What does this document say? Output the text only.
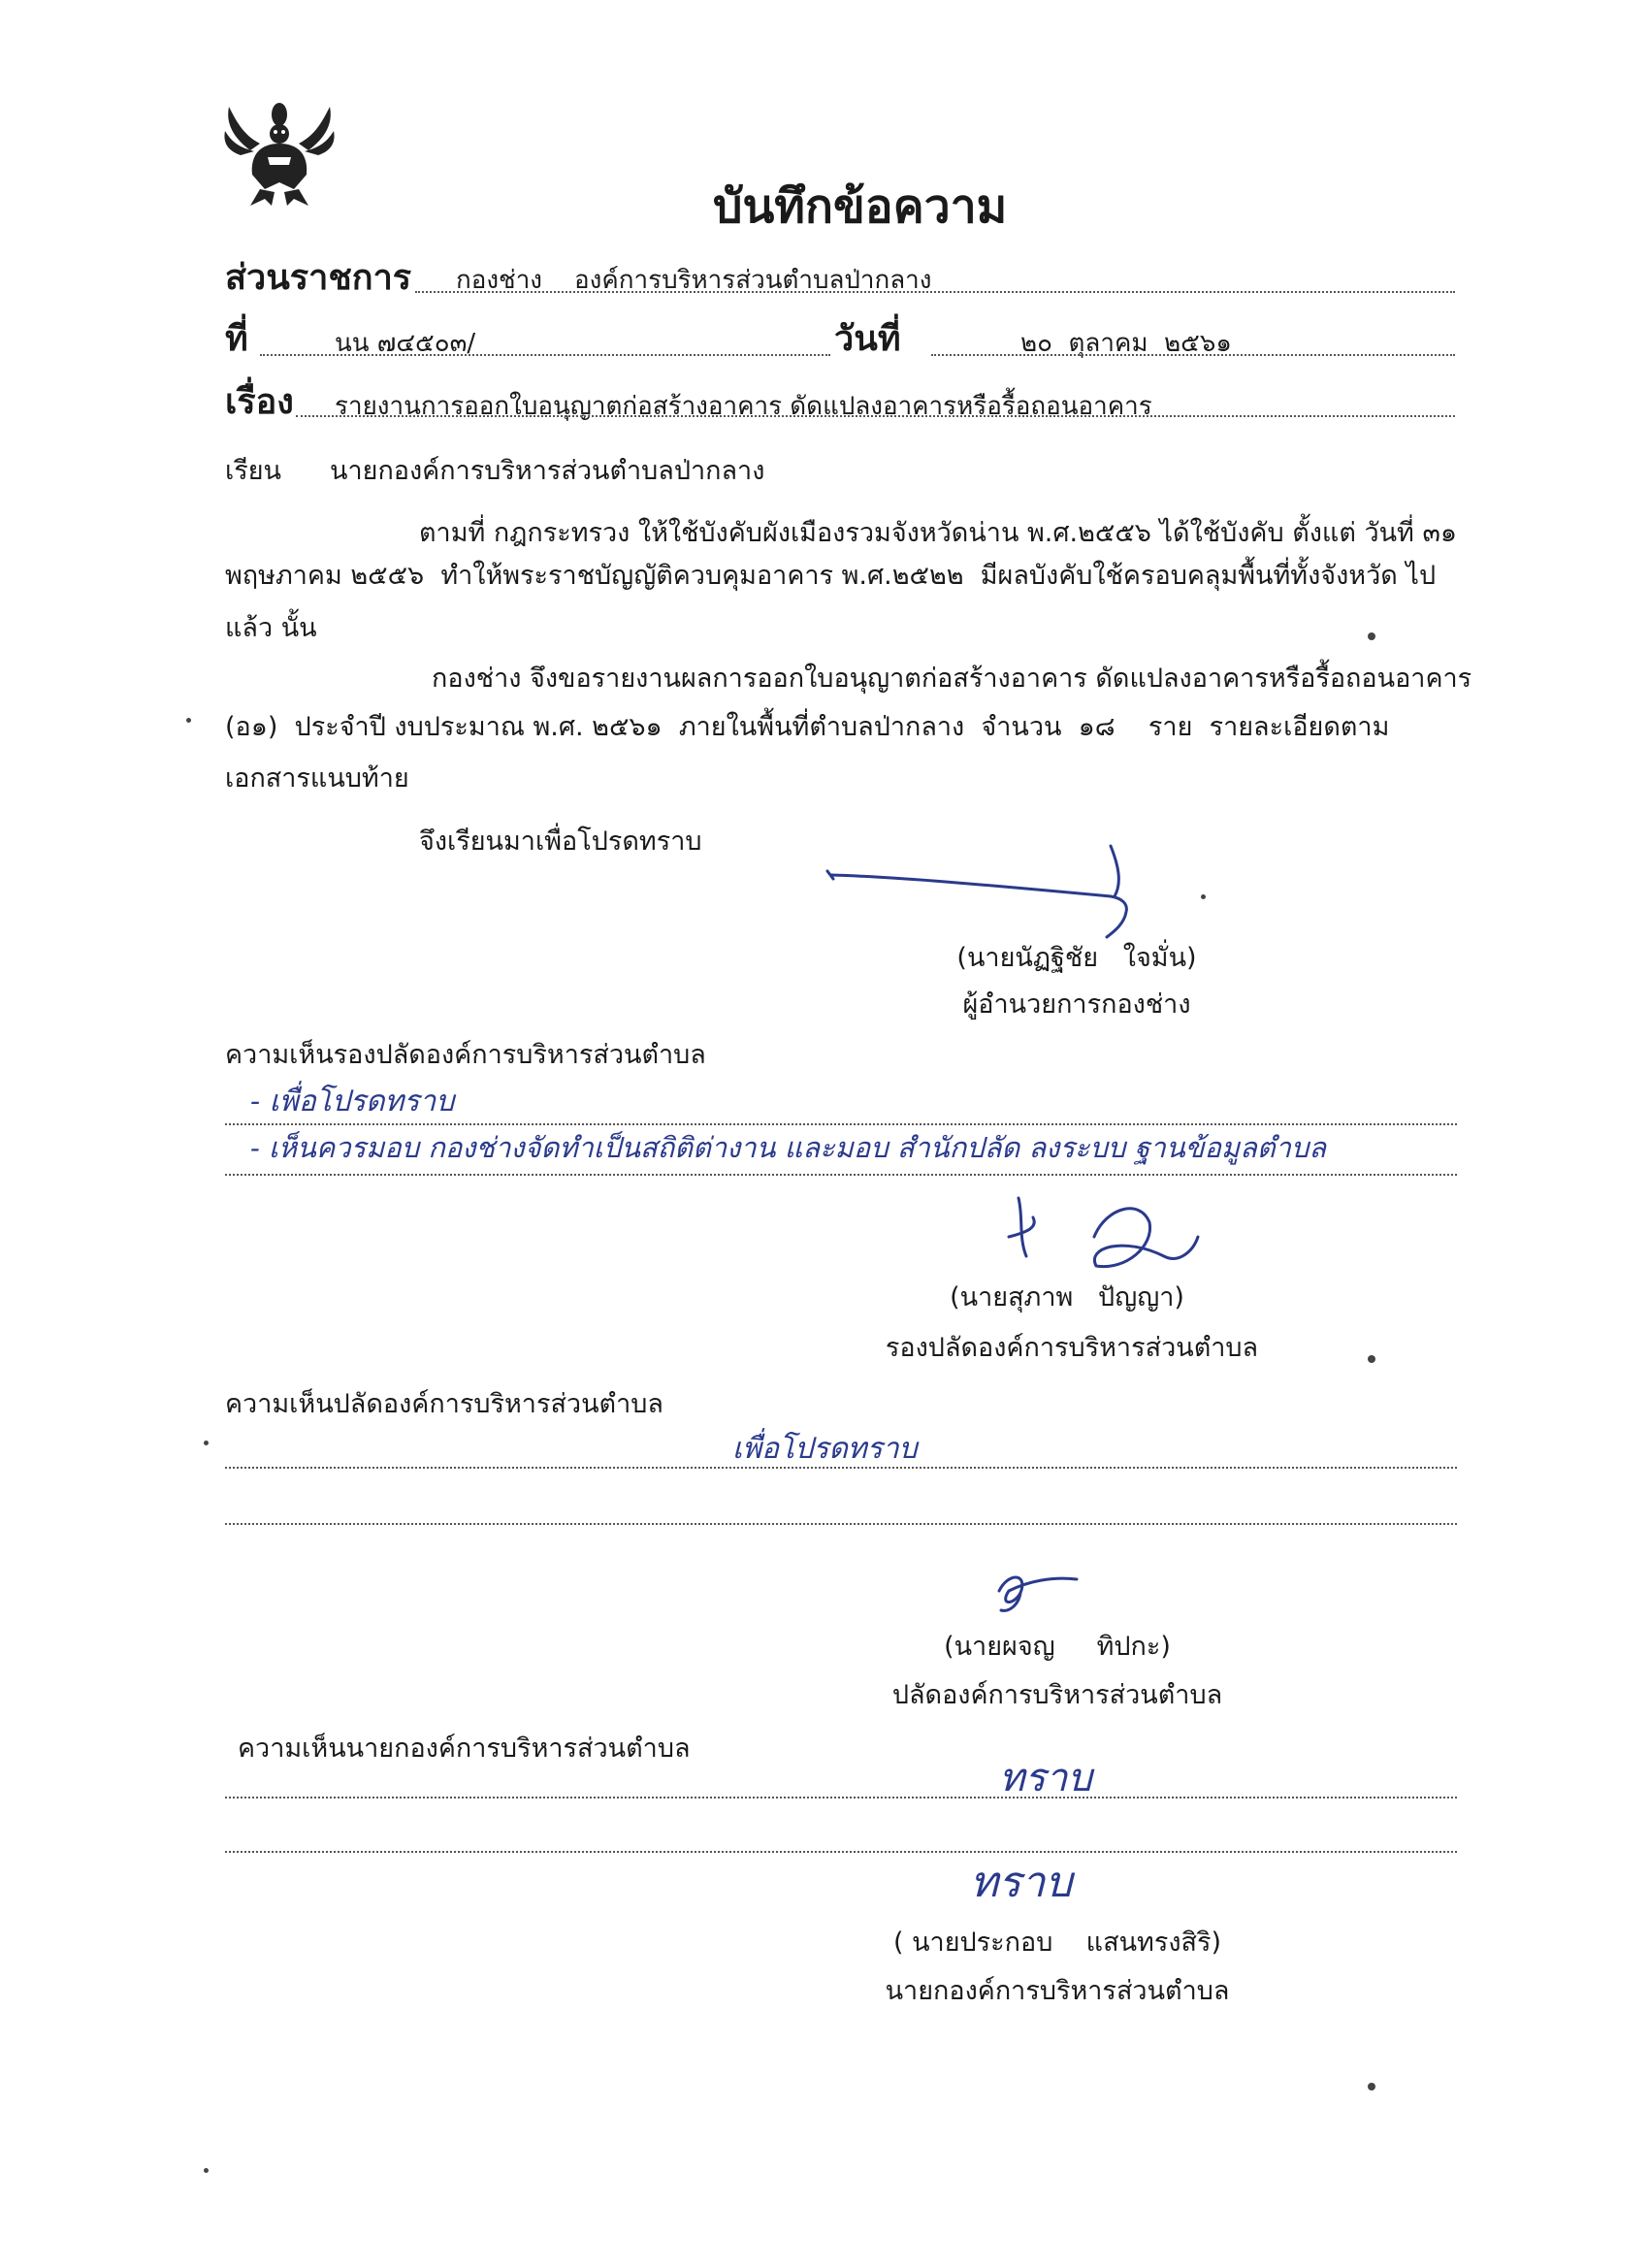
บันทึกข้อความ
ส่วนราชการ กองช่าง    องค์การบริหารส่วนตำบลป่ากลาง
ที่	นน ๗๔๕๐๓/	วันที่	๒๐  ตุลาคม  ๒๕๖๑
เรื่อง รายงานการออกใบอนุญาตก่อสร้างอาคาร ดัดแปลงอาคารหรือรื้อถอนอาคาร
เรียน นายกองค์การบริหารส่วนตำบลป่ากลาง
ตามที่ กฎกระทรวง ให้ใช้บังคับผังเมืองรวมจังหวัดน่าน พ.ศ.๒๕๕๖ ได้ใช้บังคับ ตั้งแต่ วันที่ ๓๑
พฤษภาคม ๒๕๕๖  ทำให้พระราชบัญญัติควบคุมอาคาร พ.ศ.๒๕๒๒  มีผลบังคับใช้ครอบคลุมพื้นที่ทั้งจังหวัด ไป
แล้ว นั้น
กองช่าง จึงขอรายงานผลการออกใบอนุญาตก่อสร้างอาคาร ดัดแปลงอาคารหรือรื้อถอนอาคาร
(อ๑)  ประจำปี งบประมาณ พ.ศ. ๒๕๖๑  ภายในพื้นที่ตำบลป่ากลาง  จำนวน  ๑๘    ราย  รายละเอียดตาม
เอกสารแนบท้าย
จึงเรียนมาเพื่อโปรดทราบ
(นายนัฏฐิชัย   ใจมั่น)
ผู้อำนวยการกองช่าง
ความเห็นรองปลัดองค์การบริหารส่วนตำบล
- เพื่อโปรดทราบ
- เห็นควรมอบ กองช่างจัดทำเป็นสถิติต่างาน และมอบ สำนักปลัด ลงระบบ ฐานข้อมูลตำบล
(นายสุภาพ   ปัญญา)
รองปลัดองค์การบริหารส่วนตำบล
ความเห็นปลัดองค์การบริหารส่วนตำบล
เพื่อโปรดทราบ
(นายผจญ     ทิปกะ)
ปลัดองค์การบริหารส่วนตำบล
ความเห็นนายกองค์การบริหารส่วนตำบล
ทราบ
ทราบ
( นายประกอบ    แสนทรงสิริ)
นายกองค์การบริหารส่วนตำบล
